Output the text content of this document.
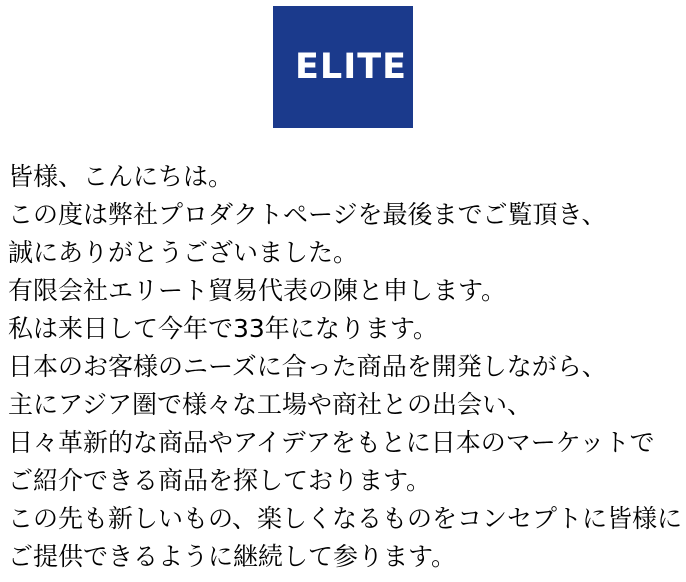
ELITE

皆様、こんにちは。

この度は弊社プロダクトページを最後までご覧頂き、

誠にありがとうございました。

有限会社エリート貿易代表の陳と申します。

私は来日して今年で33年になります。

日本のお客様のニーズに合った商品を開発しながら、

主にアジア圏で様々な工場や商社との出会い、

日々革新的な商品やアイデアをもとに日本のマーケットで

ご紹介できる商品を探しております。

この先も新しいもの、楽しくなるものをコンセプトに皆様に

ご提供できるように継続して参ります。
